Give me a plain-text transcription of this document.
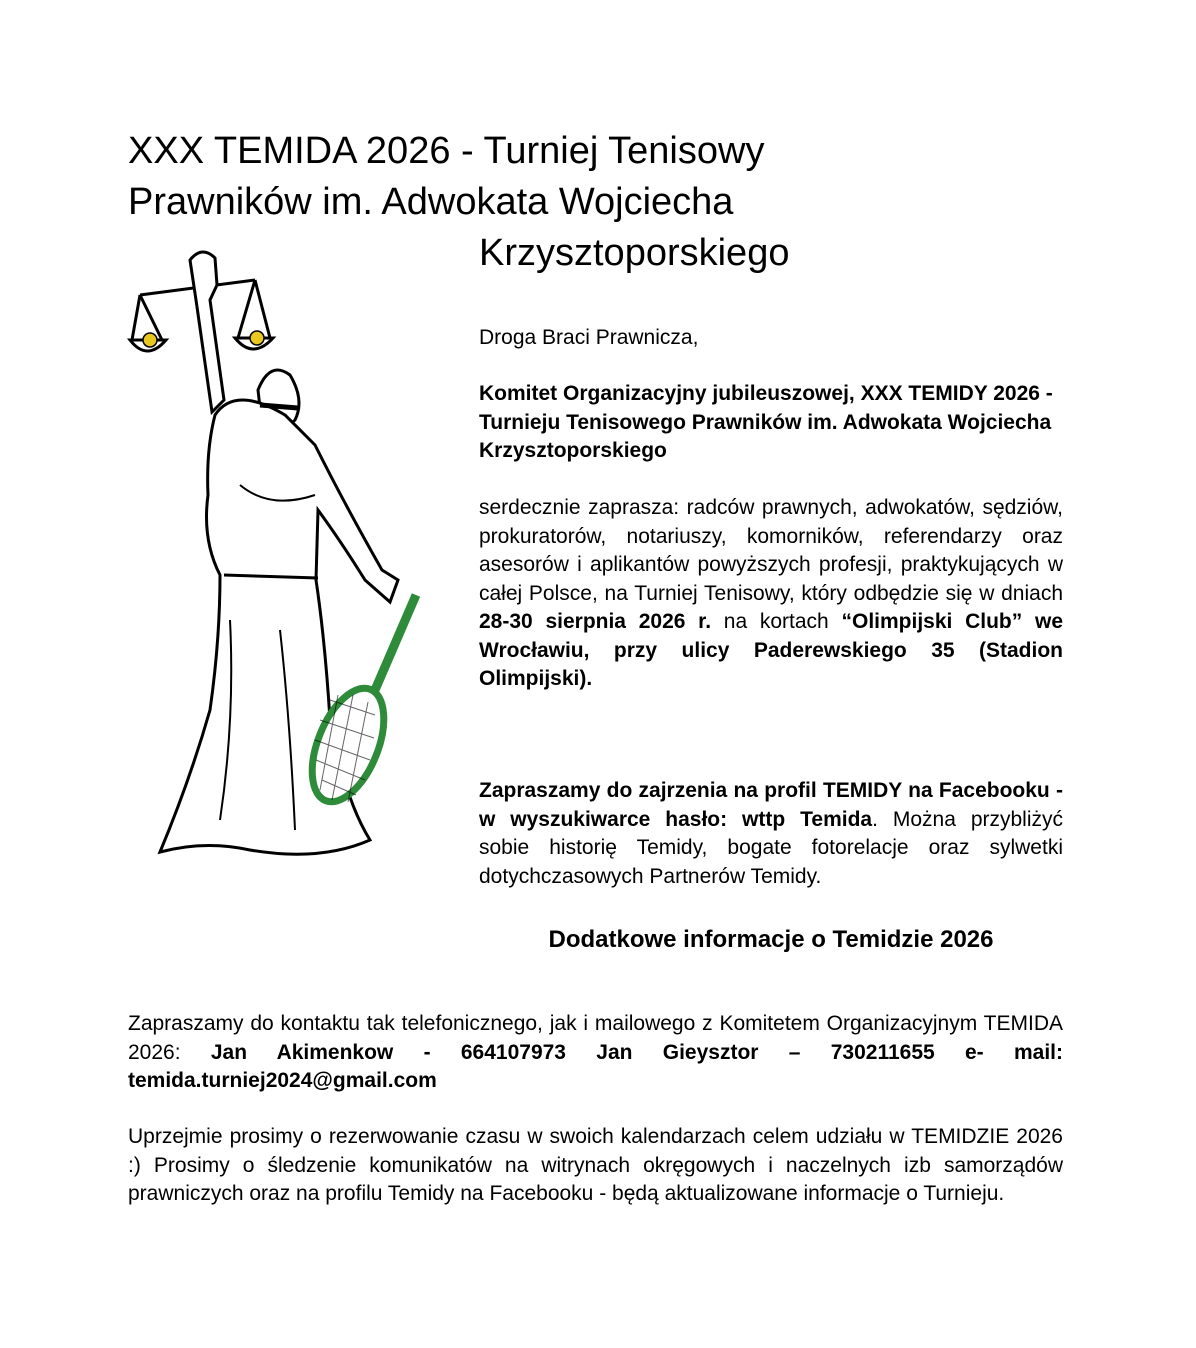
XXX TEMIDA 2026 - Turniej Tenisowy
Prawników im. Adwokata Wojciecha
Krzysztoporskiego

Droga Braci Prawnicza,

Komitet Organizacyjny jubileuszowej, XXX TEMIDY 2026 - Turnieju Tenisowego Prawników im. Adwokata Wojciecha Krzysztoporskiego

serdecznie zaprasza: radców prawnych, adwokatów, sędziów, prokuratorów, notariuszy, komorników, referendarzy oraz asesorów i aplikantów powyższych profesji, praktykujących w całej Polsce, na Turniej Tenisowy, który odbędzie się w dniach 28-30 sierpnia 2026 r. na kortach “Olimpijski Club” we Wrocławiu, przy ulicy Paderewskiego 35 (Stadion Olimpijski).

Zapraszamy do zajrzenia na profil TEMIDY na Facebooku - w wyszukiwarce hasło: wttp Temida. Można przybliżyć sobie historię Temidy, bogate fotorelacje oraz sylwetki dotychczasowych Partnerów Temidy.

Dodatkowe informacje o Temidzie 2026

Zapraszamy do kontaktu tak telefonicznego, jak i mailowego z Komitetem Organizacyjnym TEMIDA 2026: Jan Akimenkow - 664107973 Jan Gieysztor – 730211655 e- mail: temida.turniej2024@gmail.com

Uprzejmie prosimy o rezerwowanie czasu w swoich kalendarzach celem udziału w TEMIDZIE 2026 :) Prosimy o śledzenie komunikatów na witrynach okręgowych i naczelnych izb samorządów prawniczych oraz na profilu Temidy na Facebooku - będą aktualizowane informacje o Turnieju.
